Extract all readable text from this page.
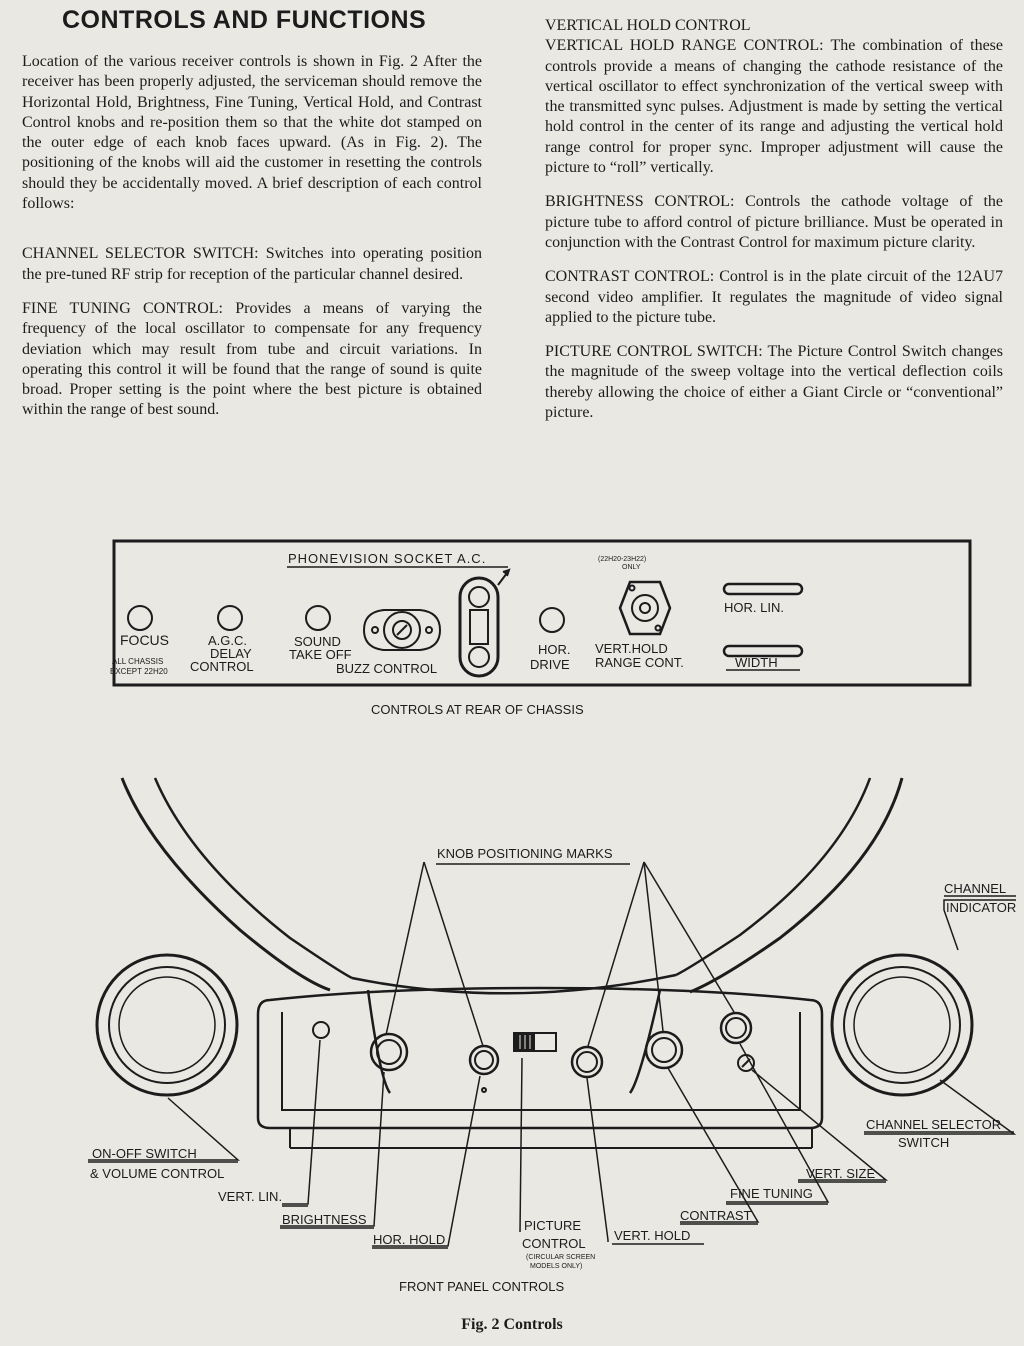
CONTROLS AND FUNCTIONS

Location of the various receiver controls is shown in Fig. 2 After the receiver has been properly adjusted, the serviceman should remove the Horizontal Hold, Brightness, Fine Tuning, Vertical Hold, and Contrast Control knobs and re-position them so that the white dot stamped on the outer edge of each knob faces upward. (As in Fig. 2). The positioning of the knobs will aid the customer in resetting the controls should they be accidentally moved. A brief description of each control follows:

CHANNEL SELECTOR SWITCH: Switches into operating position the pre-tuned RF strip for reception of the particular channel desired.

FINE TUNING CONTROL: Provides a means of varying the frequency of the local oscillator to compensate for any frequency deviation which may result from tube and circuit variations. In operating this control it will be found that the range of sound is quite broad. Proper setting is the point where the best picture is obtained within the range of best sound.

VERTICAL HOLD CONTROL

VERTICAL HOLD RANGE CONTROL: The combination of these controls provide a means of changing the cathode resistance of the vertical oscillator to effect synchronization of the vertical sweep with the transmitted sync pulses. Adjustment is made by setting the vertical hold control in the center of its range and adjusting the vertical hold range control for proper sync. Improper adjustment will cause the picture to “roll” vertically.

BRIGHTNESS CONTROL: Controls the cathode voltage of the picture tube to afford control of picture brilliance. Must be operated in conjunction with the Contrast Control for maximum picture clarity.

CONTRAST CONTROL: Control is in the plate circuit of the 12AU7 second video amplifier. It regulates the magnitude of video signal applied to the picture tube.

PICTURE CONTROL SWITCH: The Picture Control Switch changes the magnitude of the sweep voltage into the vertical deflection coils thereby allowing the choice of either a Giant Circle or “conventional” picture.

PHONEVISION SOCKET A.C.	(22H20-23H22)
ONLY
FOCUS
ALL CHASSIS
EXCEPT 22H20
A.G.C.
DELAY
CONTROL
SOUND
TAKE OFF
BUZZ CONTROL
HOR.
DRIVE
VERT.HOLD
RANGE CONT.
HOR. LIN.
WIDTH
CONTROLS AT REAR OF CHASSIS
KNOB POSITIONING MARKS
CHANNEL
INDICATOR
ON-OFF SWITCH
& VOLUME CONTROL
VERT. LIN.
BRIGHTNESS
HOR. HOLD
PICTURE
CONTROL
(CIRCULAR SCREEN
MODELS ONLY)
VERT. HOLD
CONTRAST
FINE TUNING
VERT. SIZE
CHANNEL SELECTOR
SWITCH
FRONT PANEL CONTROLS
Fig. 2 Controls
